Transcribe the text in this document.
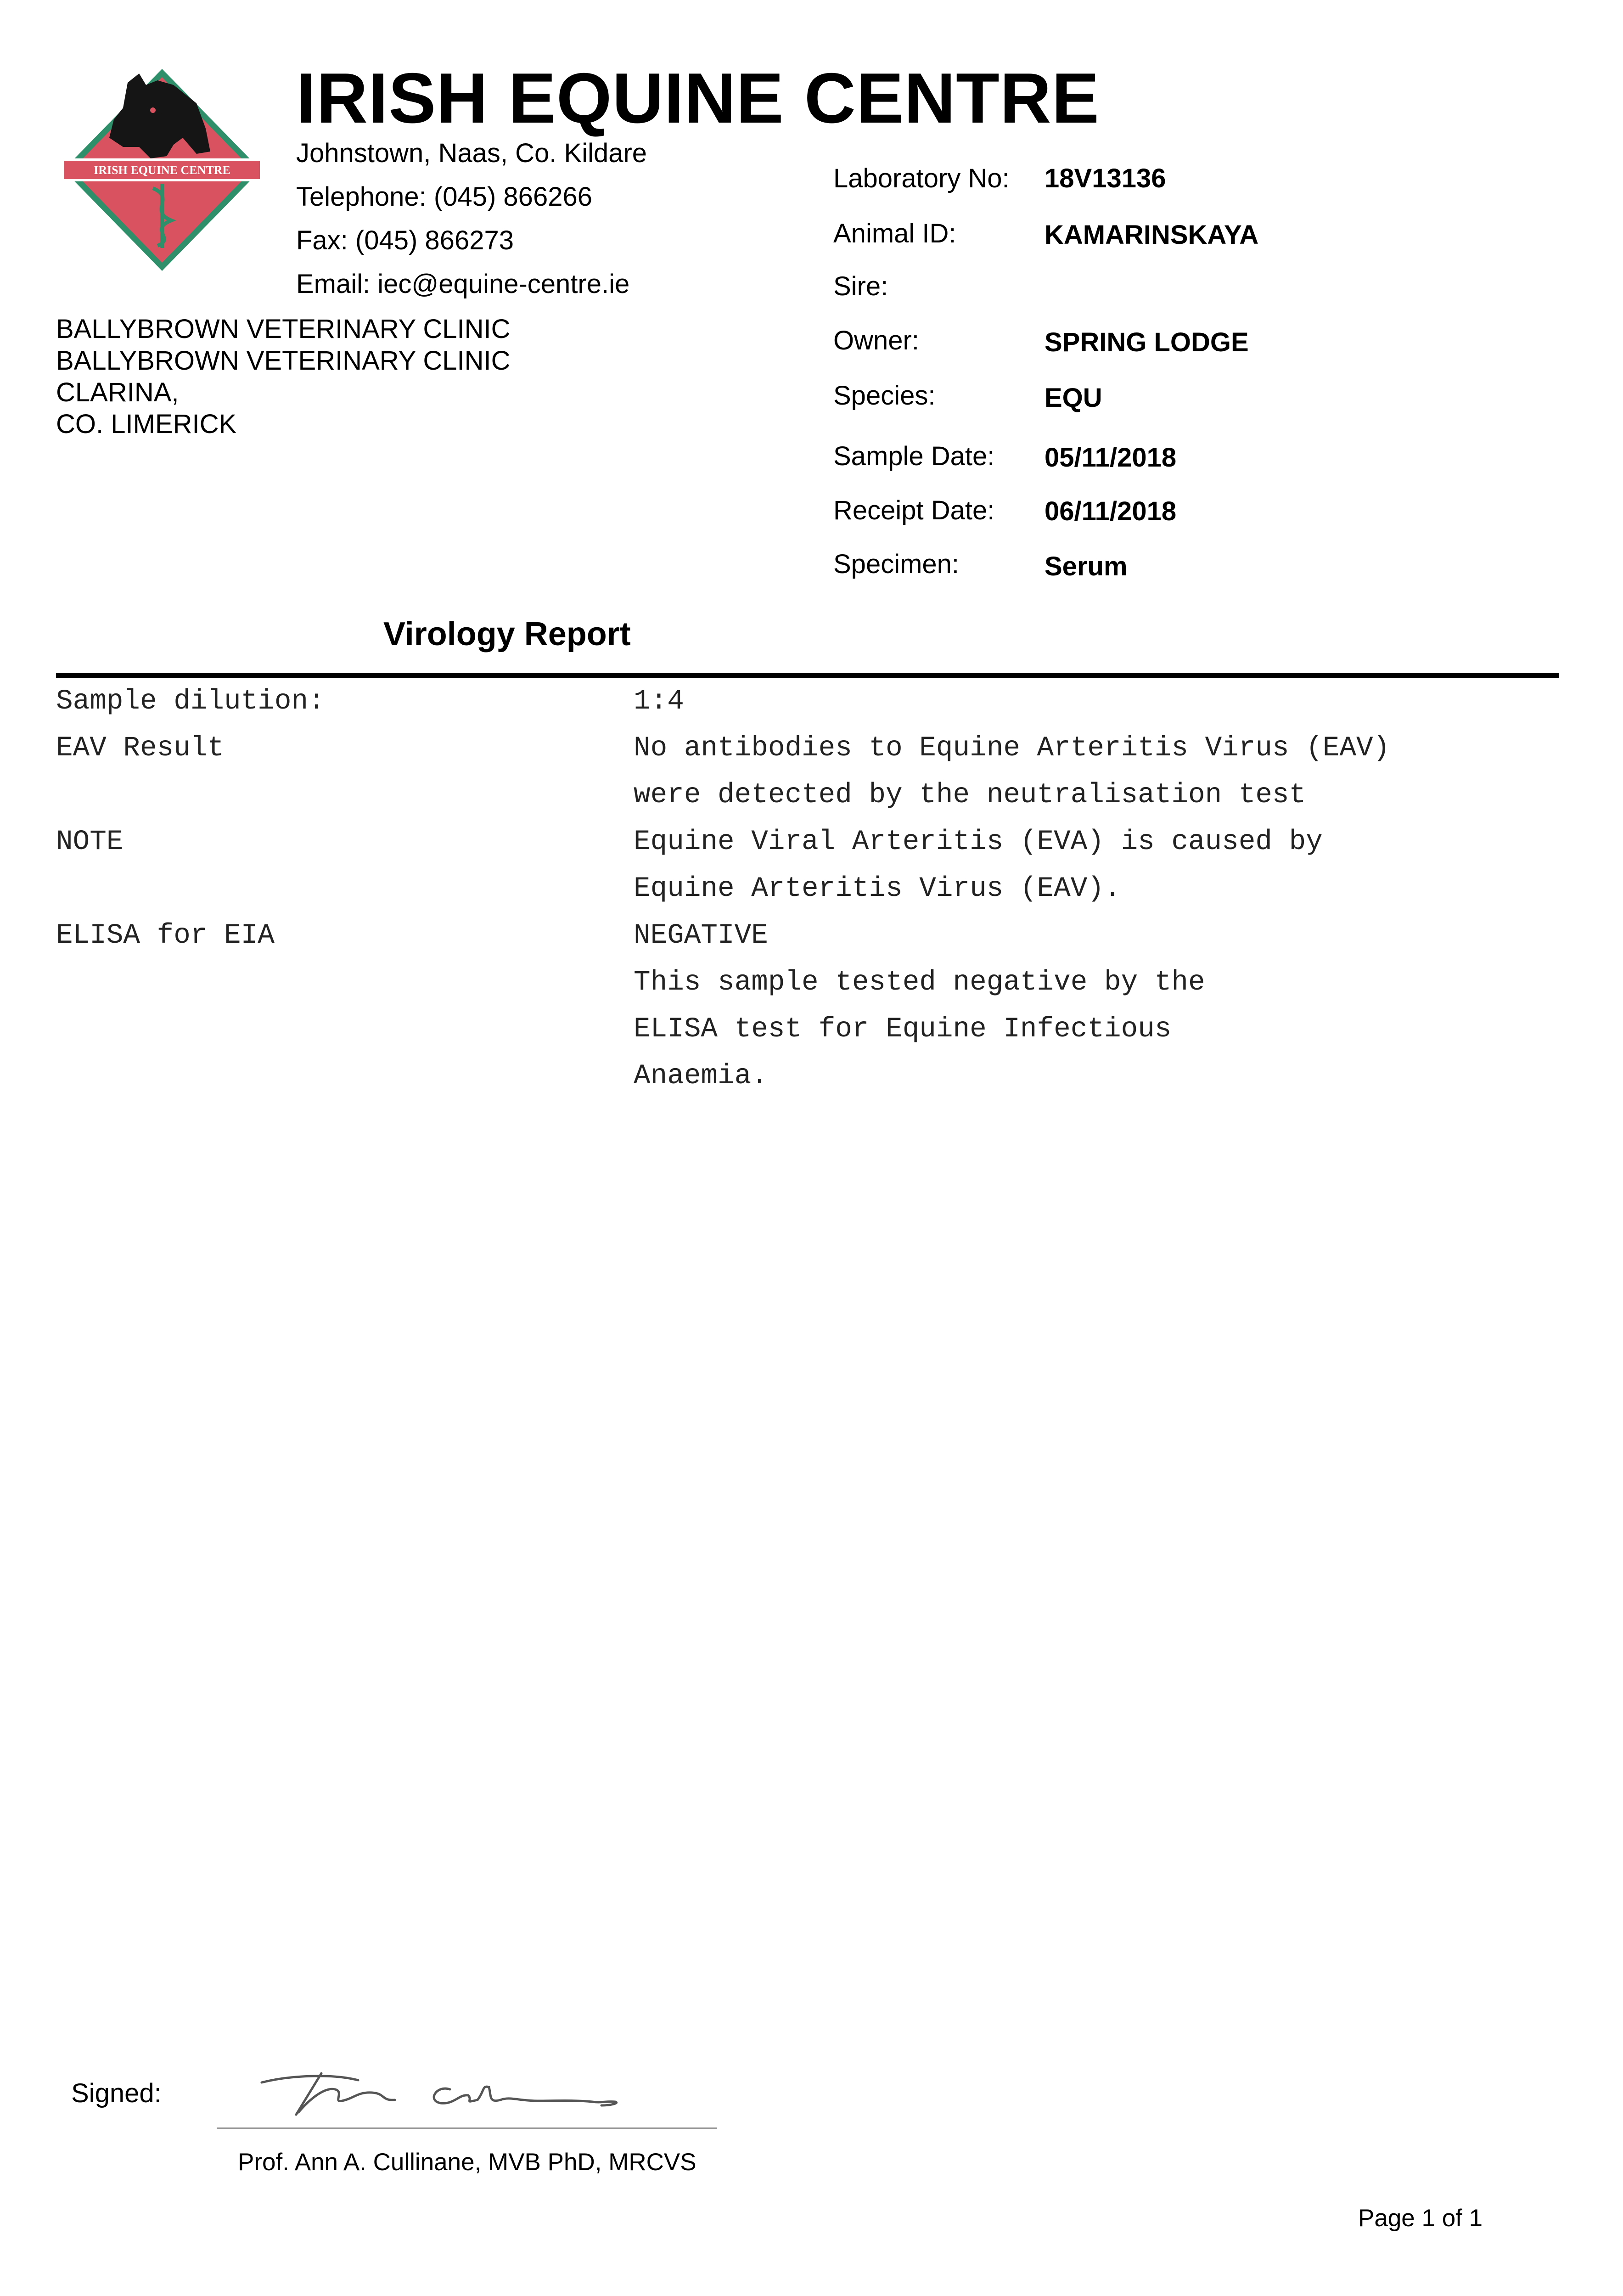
IRISH EQUINE CENTRE
IRISH EQUINE CENTRE
Johnstown, Naas, Co. Kildare
Telephone: (045) 866266
Fax: (045) 866273
Email: iec@equine-centre.ie
BALLYBROWN VETERINARY CLINIC
BALLYBROWN VETERINARY CLINIC
CLARINA,
CO. LIMERICK
Laboratory No: 18V13136
Animal ID:	KAMARINSKAYA
Sire:
Owner:	SPRING LODGE
Species:	EQU
Sample Date: 05/11/2018
Receipt Date: 06/11/2018
Specimen:	Serum
Virology Report
Sample dilution:	1:4
EAV Result	No antibodies to Equine Arteritis Virus (EAV)
were detected by the neutralisation test
NOTE	Equine Viral Arteritis (EVA) is caused by
Equine Arteritis Virus (EAV).
ELISA for EIA	NEGATIVE
This sample tested negative by the
ELISA test for Equine Infectious
Anaemia.
Signed:
Prof. Ann A. Cullinane, MVB PhD, MRCVS
Page 1 of 1
